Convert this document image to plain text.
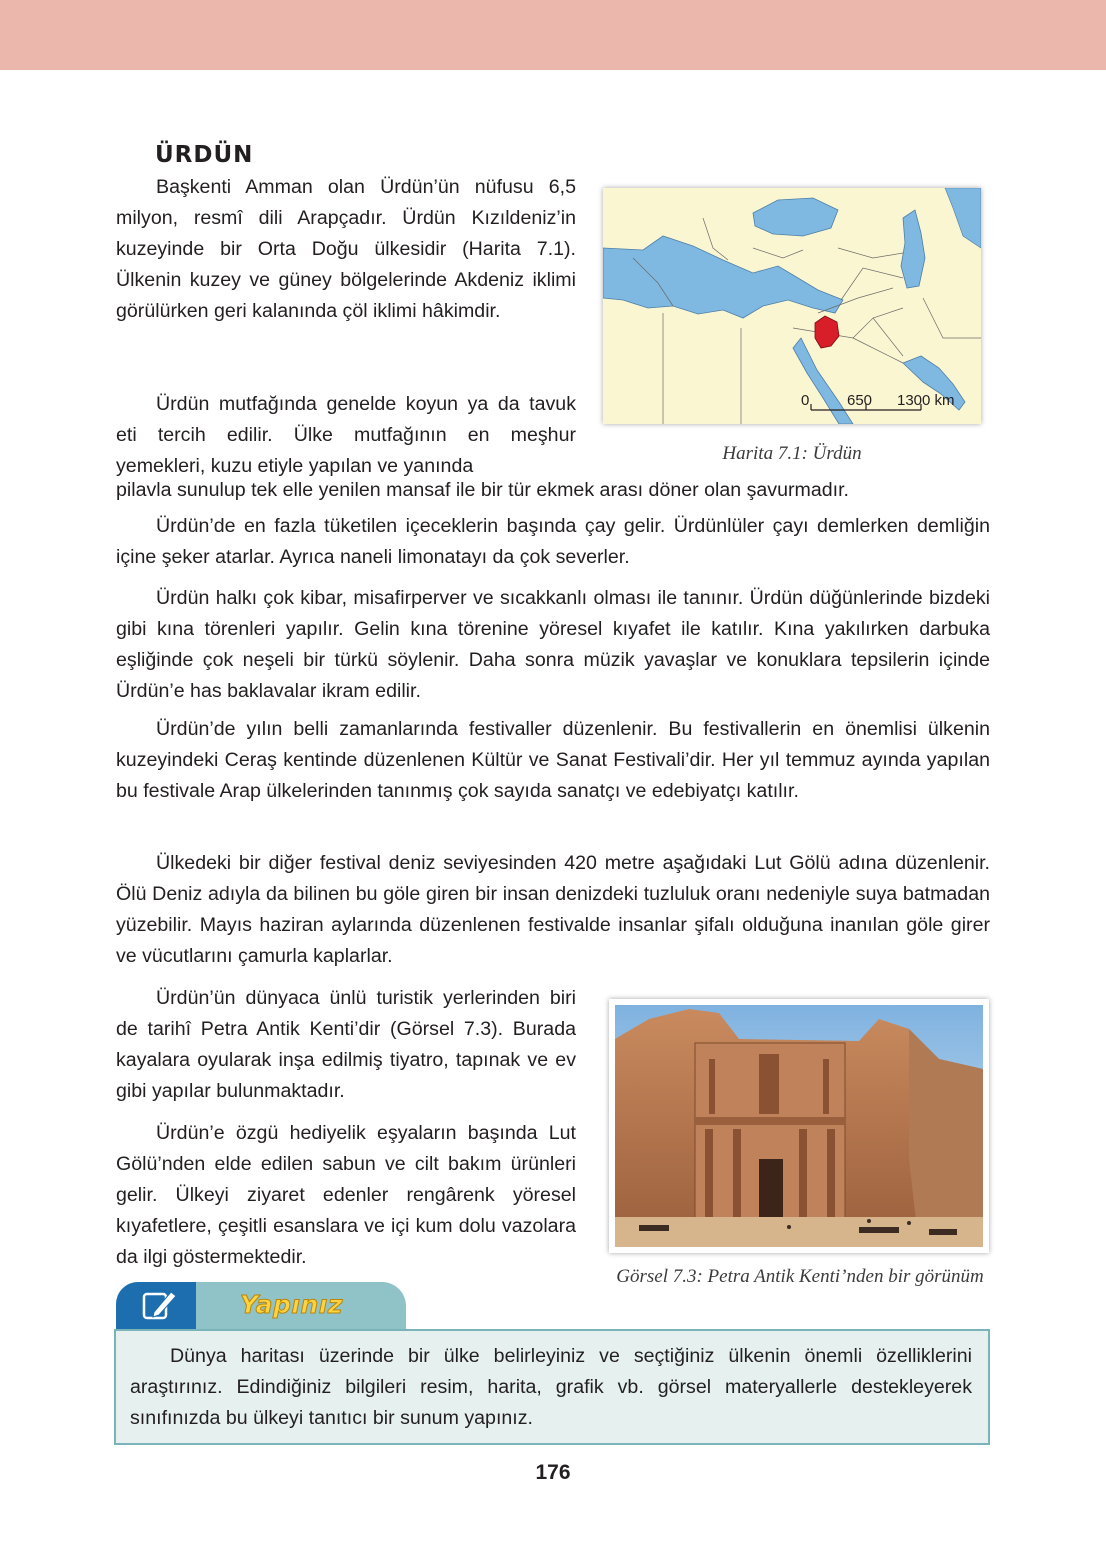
ÜRDÜN

Başkenti Amman olan Ürdün’ün nüfusu 6,5 milyon, resmî dili Arapçadır. Ürdün Kızıldeniz’in kuzeyinde bir Orta Doğu ülkesidir (Harita 7.1). Ülkenin kuzey ve güney bölgelerinde Akdeniz iklimi görülürken geri kalanında çöl iklimi hâkimdir.

Ürdün mutfağında genelde koyun ya da tavuk eti tercih edilir. Ülke mutfağının en meşhur yemekleri, kuzu etiyle yapılan ve yanında

pilavla sunulup tek elle yenilen mansaf ile bir tür ekmek arası döner olan şavurmadır.

Ürdün’de en fazla tüketilen içeceklerin başında çay gelir. Ürdünlüler çayı demlerken demliğin içine şeker atarlar. Ayrıca naneli limonatayı da çok severler.

Ürdün halkı çok kibar, misafirperver ve sıcakkanlı olması ile tanınır. Ürdün düğünlerinde bizdeki gibi kına törenleri yapılır. Gelin kına törenine yöresel kıyafet ile katılır. Kına yakılırken darbuka eşliğinde çok neşeli bir türkü söylenir. Daha sonra müzik yavaşlar ve konuklara tepsilerin içinde Ürdün’e has baklavalar ikram edilir.

Ürdün’de yılın belli zamanlarında festivaller düzenlenir. Bu festivallerin en önemlisi ülkenin kuzeyindeki Ceraş kentinde düzenlenen Kültür ve Sanat Festivali’dir. Her yıl temmuz ayında yapılan bu festivale Arap ülkelerinden tanınmış çok sayıda sanatçı ve edebiyatçı katılır.

Ülkedeki bir diğer festival deniz seviyesinden 420 metre aşağıdaki Lut Gölü adına düzenlenir. Ölü Deniz adıyla da bilinen bu göle giren bir insan denizdeki tuzluluk oranı nedeniyle suya batmadan yüzebilir. Mayıs haziran aylarında düzenlenen festivalde insanlar şifalı olduğuna inanılan göle girer ve vücutlarını çamurla kaplarlar.

Ürdün’ün dünyaca ünlü turistik yerlerinden biri de tarihî Petra Antik Kenti’dir (Görsel 7.3). Burada kayalara oyularak inşa edilmiş tiyatro, tapınak ve ev gibi yapılar bulunmaktadır.

Ürdün’e özgü hediyelik eşyaların başında Lut Gölü’nden elde edilen sabun ve cilt bakım ürünleri gelir. Ülkeyi ziyaret edenler rengârenk yöresel kıyafetlere, çeşitli esanslara ve içi kum dolu vazolara da ilgi göstermektedir.

0	650 1300 km

Harita 7.1: Ürdün

Görsel 7.3: Petra Antik Kenti’nden bir görünüm

Yapınız

Dünya haritası üzerinde bir ülke belirleyiniz ve seçtiğiniz ülkenin önemli özelliklerini araştırınız. Edindiğiniz bilgileri resim, harita, grafik vb. görsel materyallerle destekleyerek sınıfınızda bu ülkeyi tanıtıcı bir sunum yapınız.

176
